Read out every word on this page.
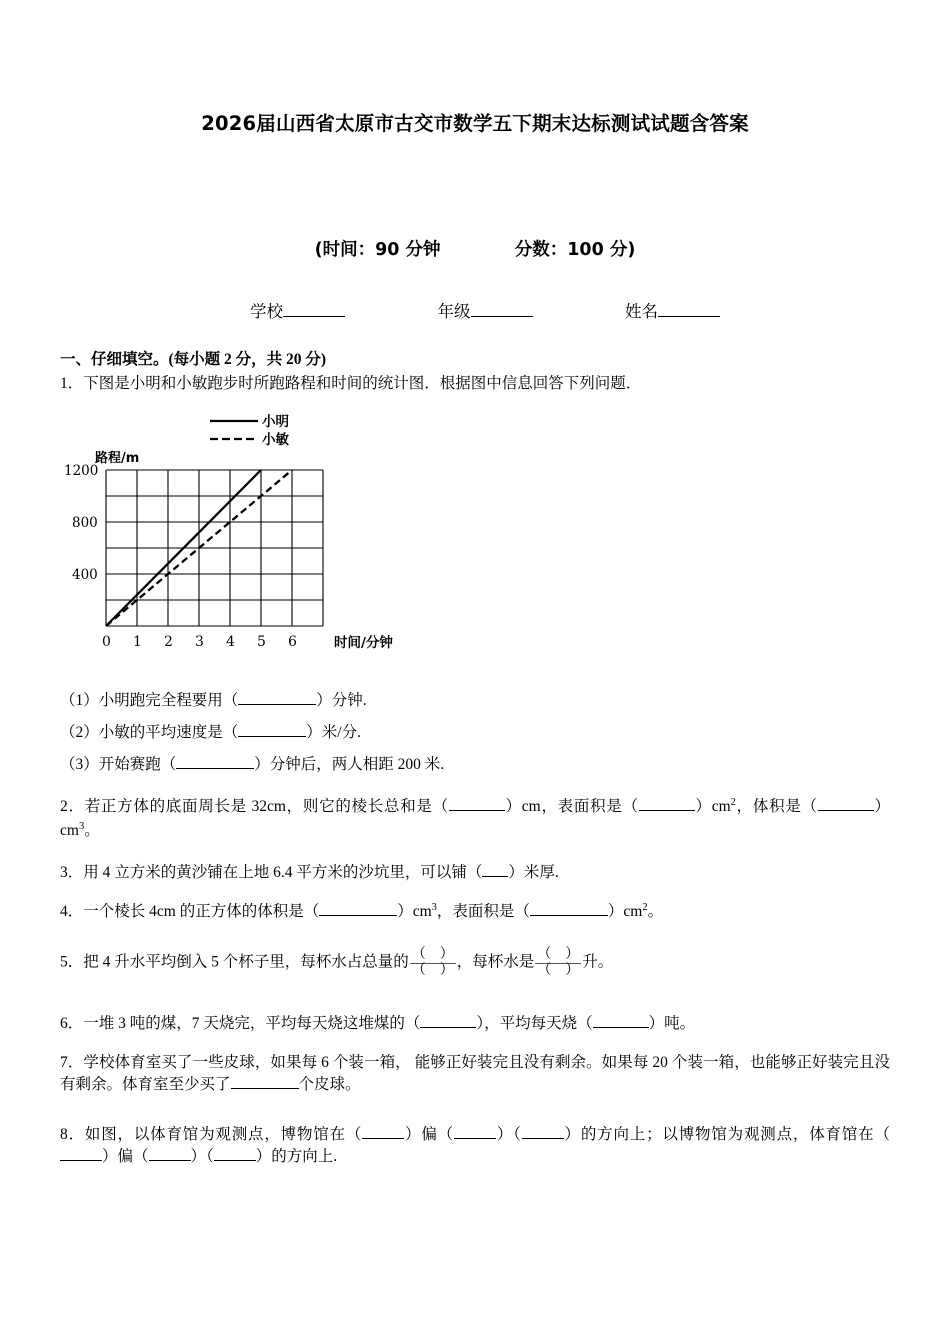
2026届山西省太原市古交市数学五下期末达标测试试题含答案
(时间：90 分钟	分数：100 分)
学校	年级	姓名
一、仔细填空。(每小题 2 分，共 20 分)
1．下图是小明和小敏跑步时所跑路程和时间的统计图．根据图中信息回答下列问题．
小明
小敏
路程/m
1200
800
400
0 1 2 3 4 5 6	时间/分钟
（1）小明跑完全程要用（	）分钟.
（2）小敏的平均速度是（	）米/分.
（3）开始赛跑（	）分钟后，两人相距 200 米.
2．若正方体的底面周长是 32cm，则它的棱长总和是（	）cm，表面积是（	）$cm^2$，体积是（	）$cm^3$。
3．用 4 立方米的黄沙铺在上地 6.4 平方米的沙坑里，可以铺（ ）米厚.
4．一个棱长 4cm 的正方体的体积是（	）$cm^3$，表面积是（	）$cm^2$。
5．把 4 升水平均倒入 5 个杯子里，每杯水占总量的 $\frac{( )}{( )}$ ，每杯水是 $\frac{( )}{( )}$ 升。
6．一堆 3 吨的煤，7 天烧完，平均每天烧这堆煤的（	），平均每天烧（	）吨。
7．学校体育室买了一些皮球，如果每 6 个装一箱， 能够正好装完且没有剩余。如果每 20 个装一箱，也能够正好装完且没有剩余。体育室至少买了	个皮球。
8．如图，以体育馆为观测点，博物馆在（	）偏（	）（	）的方向上；以博物馆为观测点，体育馆在（）偏（	）（	）的方向上.
